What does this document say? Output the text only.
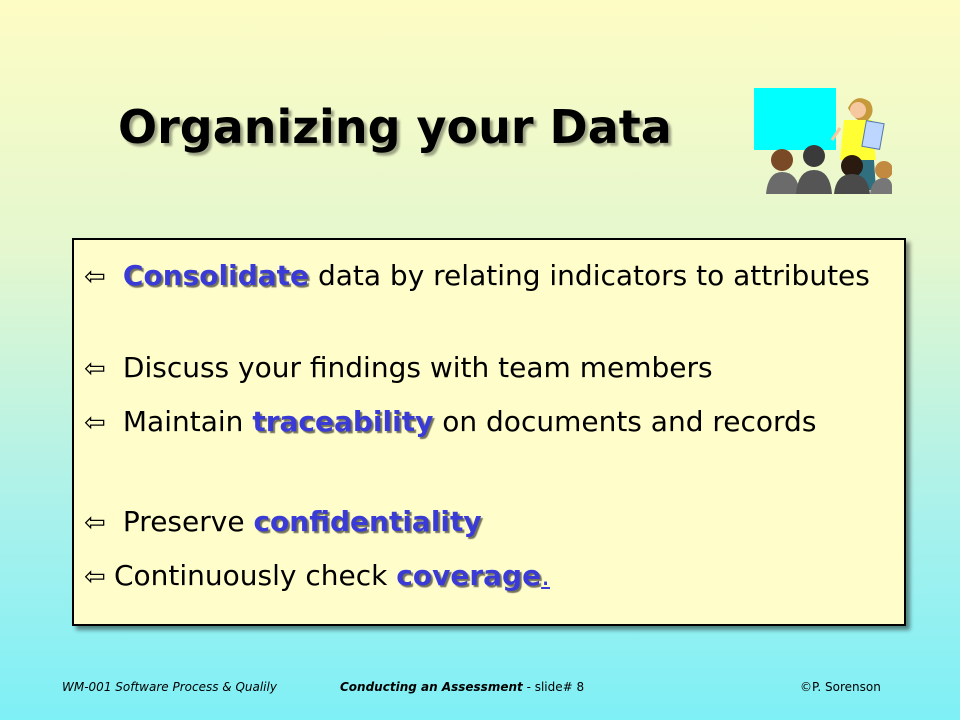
Organizing your Data
⇦ Consolidate data by relating indicators to attributes
⇦ Discuss your findings with team members
⇦ Maintain traceability on documents and records
⇦ Preserve confidentiality
⇦ Continuously check coverage.
WM-001 Software Process & Qualily	Conducting an Assessment - slide# 8	©P. Sorenson
